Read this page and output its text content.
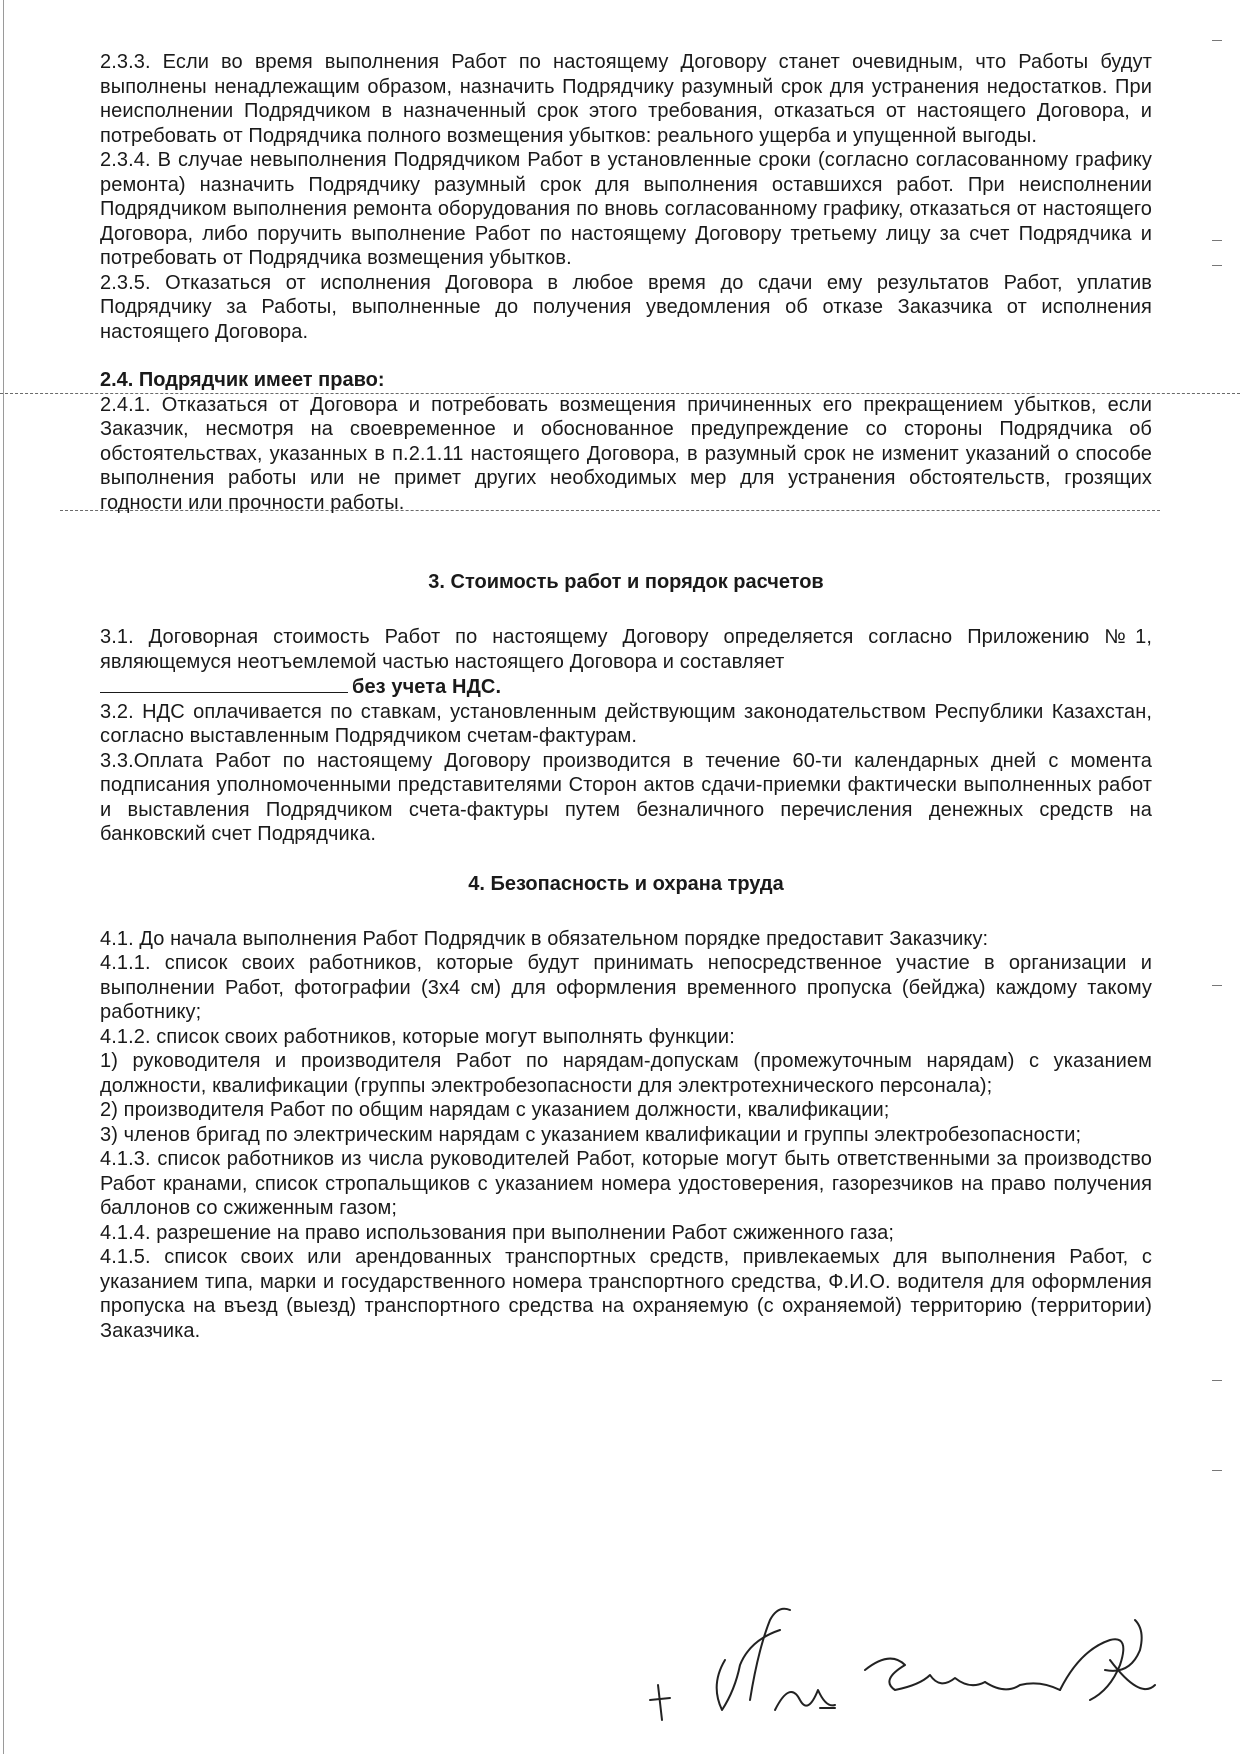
2.3.3. Если во время выполнения Работ по настоящему Договору станет очевидным, что Работы будут выполнены ненадлежащим образом, назначить Подрядчику разумный срок для устранения недостатков. При неисполнении Подрядчиком в назначенный срок этого требования, отказаться от настоящего Договора, и потребовать от Подрядчика полного возмещения убытков: реального ущерба и упущенной выгоды.

2.3.4. В случае невыполнения Подрядчиком Работ в установленные сроки (согласно согласованному графику ремонта) назначить Подрядчику разумный срок для выполнения оставшихся работ. При неисполнении Подрядчиком выполнения ремонта оборудования по вновь согласованному графику, отказаться от настоящего Договора, либо поручить выполнение Работ по настоящему Договору третьему лицу за счет Подрядчика и потребовать от Подрядчика возмещения убытков.

2.3.5. Отказаться от исполнения Договора в любое время до сдачи ему результатов Работ, уплатив Подрядчику за Работы, выполненные до получения уведомления об отказе Заказчика от исполнения настоящего Договора.

2.4. Подрядчик имеет право:

2.4.1. Отказаться от Договора и потребовать возмещения причиненных его прекращением убытков, если Заказчик, несмотря на своевременное и обоснованное предупреждение со стороны Подрядчика об обстоятельствах, указанных в п.2.1.11 настоящего Договора, в разумный срок не изменит указаний о способе выполнения работы или не примет других необходимых мер для устранения обстоятельств, грозящих годности или прочности работы.

3. Стоимость работ и порядок расчетов

3.1. Договорная стоимость Работ по настоящему Договору определяется согласно Приложению №1, являющемуся неотъемлемой частью настоящего Договора и составляет

без учета НДС.

3.2. НДС оплачивается по ставкам, установленным действующим законодательством Республики Казахстан, согласно выставленным Подрядчиком счетам-фактурам.

3.3.Оплата Работ по настоящему Договору производится в течение 60-ти календарных дней с момента подписания уполномоченными представителями Сторон актов сдачи-приемки фактически выполненных работ и выставления Подрядчиком счета-фактуры путем безналичного перечисления денежных средств на банковский счет Подрядчика.

4. Безопасность и охрана труда

4.1. До начала выполнения Работ Подрядчик в обязательном порядке предоставит Заказчику:

4.1.1. список своих работников, которые будут принимать непосредственное участие в организации и выполнении Работ, фотографии (3х4 см) для оформления временного пропуска (бейджа) каждому такому работнику;

4.1.2. список своих работников, которые могут выполнять функции:

1) руководителя и производителя Работ по нарядам-допускам (промежуточным нарядам) с указанием должности, квалификации (группы электробезопасности для электротехнического персонала);

2) производителя Работ по общим нарядам с указанием должности, квалификации;

3) членов бригад по электрическим нарядам с указанием квалификации и группы электробезопасности;

4.1.3. список работников из числа руководителей Работ, которые могут быть ответственными за производство Работ кранами, список стропальщиков с указанием номера удостоверения, газорезчиков на право получения баллонов со сжиженным газом;

4.1.4. разрешение на право использования при выполнении Работ сжиженного газа;

4.1.5. список своих или арендованных транспортных средств, привлекаемых для выполнения Работ, с указанием типа, марки и государственного номера транспортного средства, Ф.И.О. водителя для оформления пропуска на въезд (выезд) транспортного средства на охраняемую (с охраняемой) территорию (территории) Заказчика.
